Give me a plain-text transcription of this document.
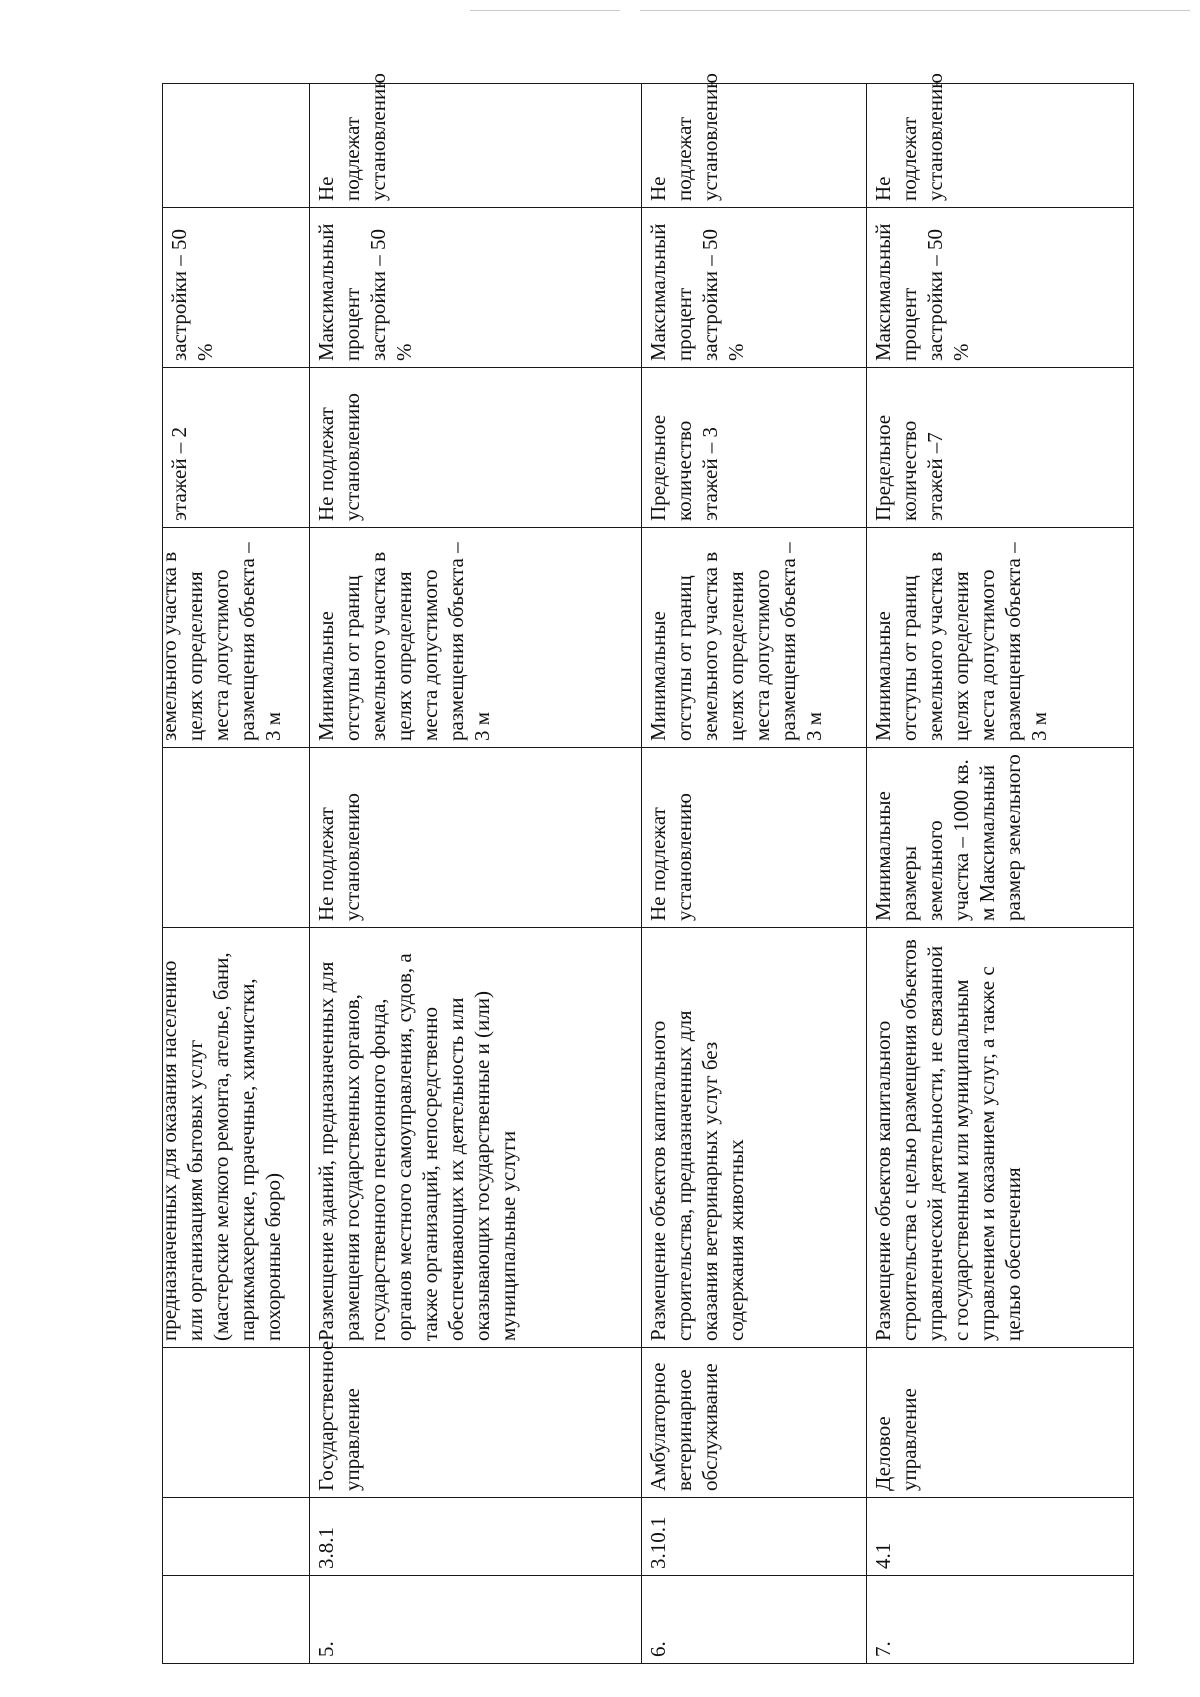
			предназначенных для оказания населению или организациям бытовых услуг (мастерские мелкого ремонта, ателье, бани, парикмахерские, прачечные, химчистки, похоронные бюро)		земельного участка в целях определения места допустимого размещения объекта – 3 м	этажей – 2	застройки – 50 %	
5.	3.8.1	Государственное управление	Размещение зданий, предназначенных для размещения государственных органов, государственного пенсионного фонда, органов местного самоуправления, судов, а также организаций, непосредственно обеспечивающих их деятельность или оказывающих государственные и (или) муниципальные услуги	Не подлежат установлению	Минимальные отступы от границ земельного участка в целях определения места допустимого размещения объекта – 3 м	Не подлежат установлению	Максимальный процент застройки – 50 %	Не подлежат установлению
6.	3.10.1	Амбулаторное ветеринарное обслуживание	Размещение объектов капитального строительства, предназначенных для оказания ветеринарных услуг без содержания животных	Не подлежат установлению	Минимальные отступы от границ земельного участка в целях определения места допустимого размещения объекта –3 м	Предельное количество этажей – 3	Максимальный процент застройки – 50 %	Не подлежат установлению
7.	4.1	Деловое управление	Размещение объектов капитального строительства с целью размещения объектов управленческой деятельности, не связанной с государственным или муниципальным управлением и оказанием услуг, а также с целью обеспечения	Минимальные размеры земельного участка – 1000 кв. м Максимальный размер земельного	Минимальные отступы от границ земельного участка в целях определения места допустимого размещения объекта – 3 м	Предельное количество этажей –7	Максимальный процент застройки – 50 %	Не подлежат установлению
